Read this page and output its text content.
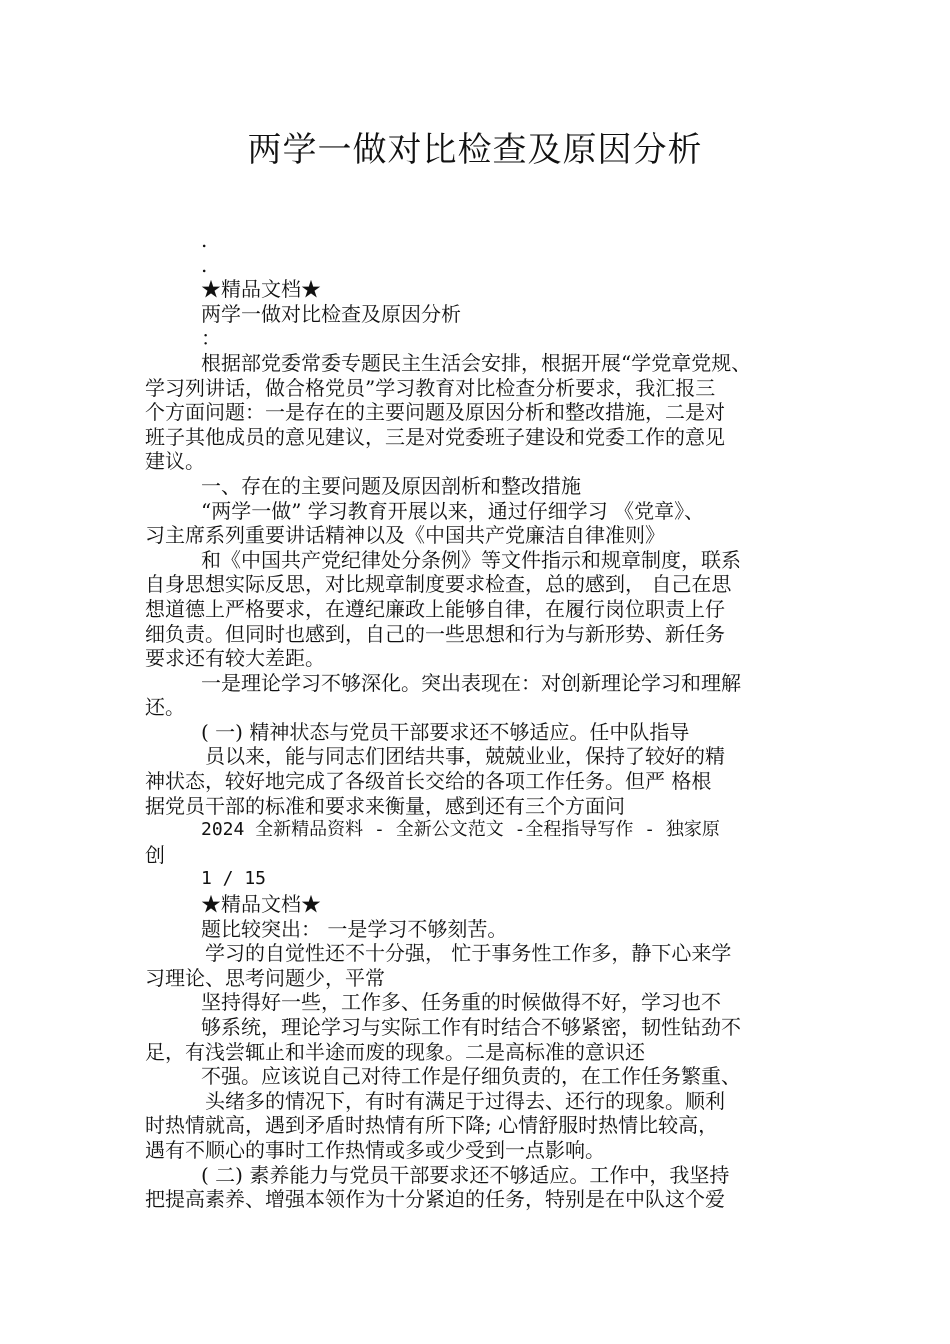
两学一做对比检查及原因分析
.
.
★精品文档★
两学一做对比检查及原因分析
：
根据部党委常委专题民主生活会安排，根据开展“学党章党规、
学习列讲话，做合格党员”学习教育对比检查分析要求，我汇报三
个方面问题：一是存在的主要问题及原因分析和整改措施，二是对
班子其他成员的意见建议，三是对党委班子建设和党委工作的意见
建议。
一、存在的主要问题及原因剖析和整改措施
“两学一做” 学习教育开展以来，通过仔细学习 《党章》、
习主席系列重要讲话精神以及《中国共产党廉洁自律准则》
和《中国共产党纪律处分条例》等文件指示和规章制度，联系
自身思想实际反思，对比规章制度要求检查，总的感到， 自己在思
想道德上严格要求，在遵纪廉政上能够自律，在履行岗位职责上仔
细负责。但同时也感到，自己的一些思想和行为与新形势、新任务
要求还有较大差距。
一是理论学习不够深化。突出表现在：对创新理论学习和理解
还。
( 一) 精神状态与党员干部要求还不够适应。任中队指导
员以来，能与同志们团结共事，兢兢业业，保持了较好的精
神状态，较好地完成了各级首长交给的各项工作任务。但严 格根
据党员干部的标准和要求来衡量，感到还有三个方面问
2024 全新精品资料 - 全新公文范文 -全程指导写作 - 独家原
创
1 / 15
★精品文档★
题比较突出： 一是学习不够刻苦。
学习的自觉性还不十分强， 忙于事务性工作多，静下心来学
习理论、思考问题少，平常
坚持得好一些，工作多、任务重的时候做得不好，学习也不
够系统，理论学习与实际工作有时结合不够紧密，韧性钻劲不
足，有浅尝辄止和半途而废的现象。二是高标准的意识还
不强。应该说自己对待工作是仔细负责的，在工作任务繁重、
头绪多的情况下，有时有满足于过得去、还行的现象。顺利
时热情就高，遇到矛盾时热情有所下降; 心情舒服时热情比较高，
遇有不顺心的事时工作热情或多或少受到一点影响。
( 二) 素养能力与党员干部要求还不够适应。工作中，我坚持
把提高素养、增强本领作为十分紧迫的任务，特别是在中队这个爱
